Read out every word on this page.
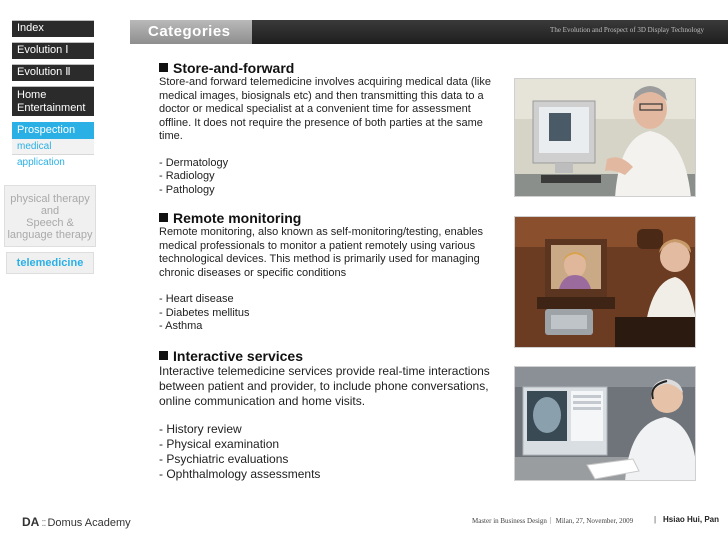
Index
Evolution Ⅰ
Evolution Ⅱ
Home
Entertainment
Prospection
medical application
physical therapy
and
Speech &
language therapy
telemedicine
Categories	The Evolution and Prospect of 3D Display Technology
Store-and-forward
Store-and forward telemedicine involves acquiring medical data (like medical images, biosignals etc) and then transmitting this data to a doctor or medical specialist at a convenient time for assessment offline. It does not require the presence of both parties at the same time.
- Dermatology
- Radiology
- Pathology
Remote monitoring
Remote monitoring, also known as self-monitoring/testing, enables medical professionals to monitor a patient remotely using various technological devices. This method is primarily used for managing chronic diseases or specific conditions
- Heart disease
- Diabetes mellitus
- Asthma
Interactive services
Interactive telemedicine services provide real-time interactions between patient and provider, to include phone conversations, online communication and home visits.
- History review
- Physical examination
- Psychiatric evaluations
- Ophthalmology assessments
DA :: Domus Academy	Master in Business Design｜ Milan, 27, November, 2009	| Hsiao Hui, Pan
